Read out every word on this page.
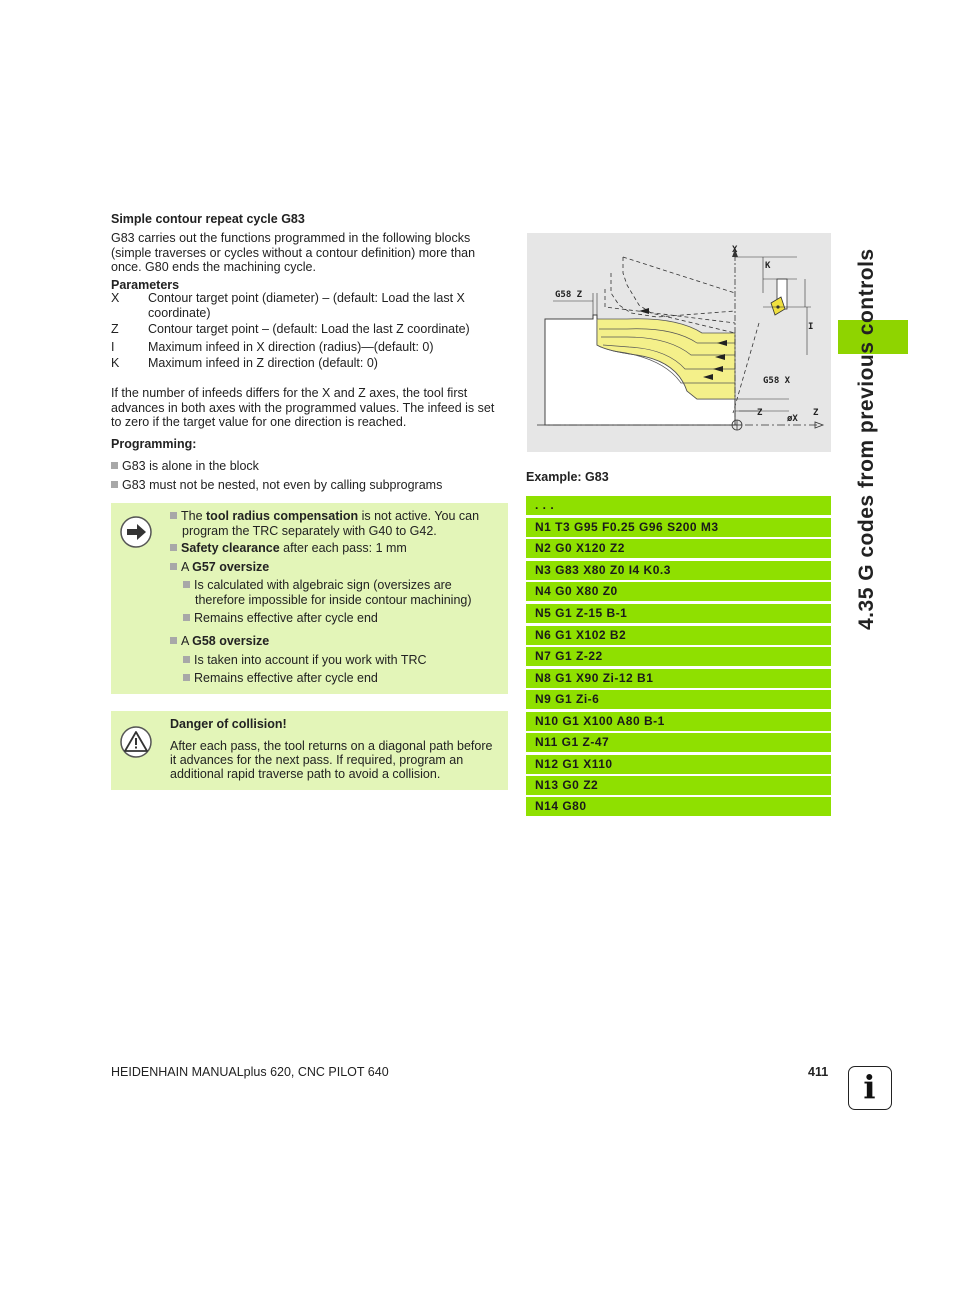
Simple contour repeat cycle G83
G83 carries out the functions programmed in the following blocks
(simple traverses or cycles without a contour definition) more than
once. G80 ends the machining cycle.
Parameters
X Contour target point (diameter) – (default: Load the last X
coordinate)
Z Contour target point – (default: Load the last Z coordinate)
I	Maximum infeed in X direction (radius)—(default: 0)
K Maximum infeed in Z direction (default: 0)
If the number of infeeds differs for the X and Z axes, the tool first
advances in both axes with the programmed values. The infeed is set
to zero if the target value for one direction is reached.
Programming:
G83 is alone in the block
G83 must not be nested, not even by calling subprograms
The tool radius compensation is not active. You can
program the TRC separately with G40 to G42.
Safety clearance after each pass: 1 mm
A G57 oversize
Is calculated with algebraic sign (oversizes are
therefore impossible for inside contour machining)
Remains effective after cycle end
A G58 oversize
Is taken into account if you work with TRC
Remains effective after cycle end
Danger of collision!
After each pass, the tool returns on a diagonal path before
it advances for the next pass. If required, program an
additional rapid traverse path to avoid a collision.
G58 Z
X
K
I
G58 X
Z	Z
øX
Example: G83
. . .
N1 T3 G95 F0.25 G96 S200 M3
N2 G0 X120 Z2
N3 G83 X80 Z0 I4 K0.3
N4 G0 X80 Z0
N5 G1 Z-15 B-1
N6 G1 X102 B2
N7 G1 Z-22
N8 G1 X90 Zi-12 B1
N9 G1 Zi-6
N10 G1 X100 A80 B-1
N11 G1 Z-47
N12 G1 X110
N13 G0 Z2
N14 G80
4.35 G codes from previous controls
HEIDENHAIN MANUALplus 620, CNC PILOT 640	411	i
